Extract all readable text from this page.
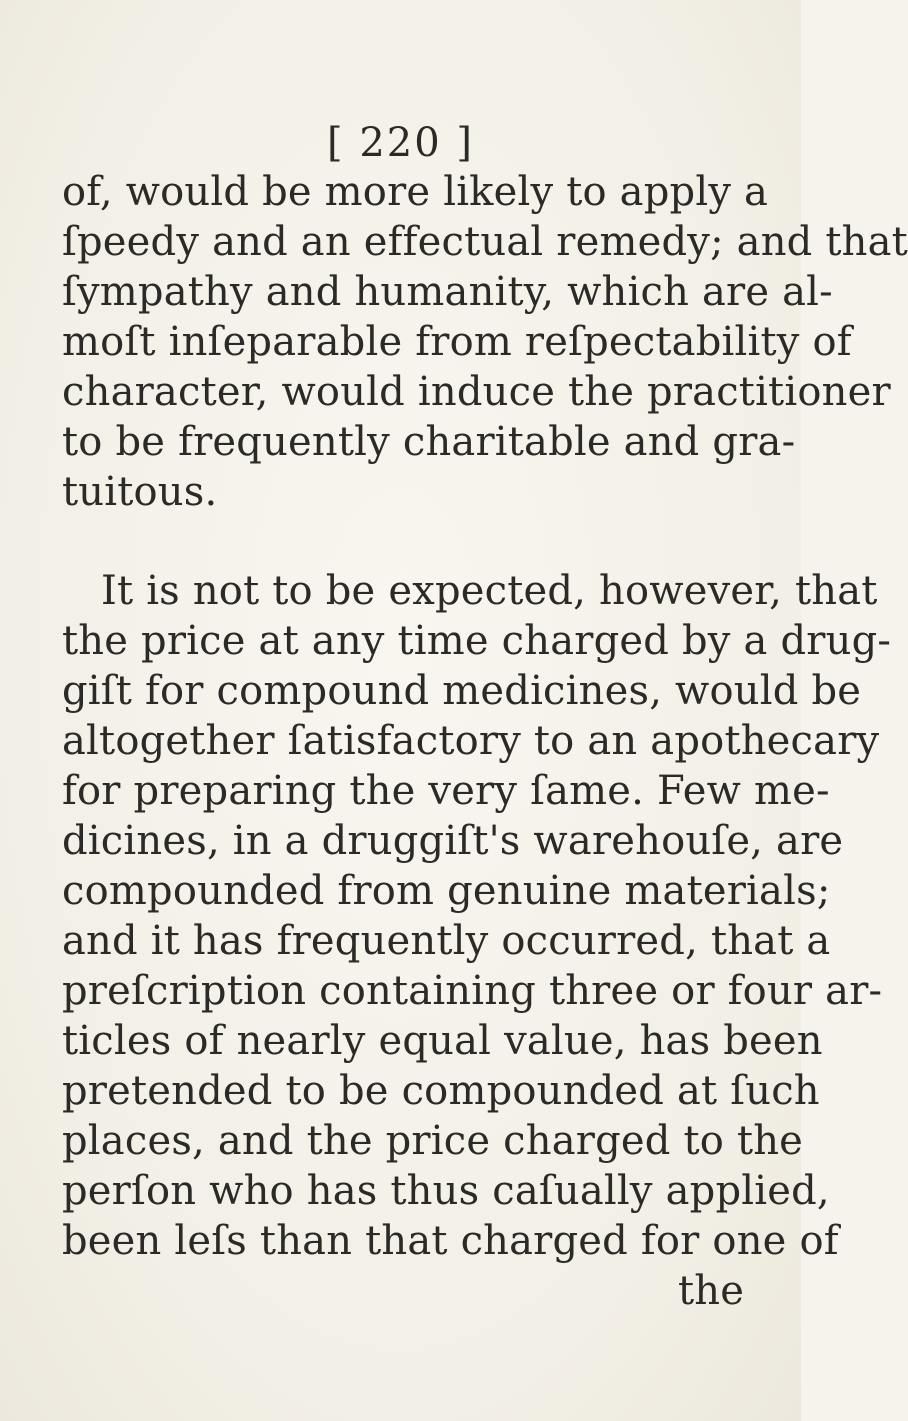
[ 220 ]
of, would be more likely to apply a
ſpeedy and an effectual remedy; and that
ſympathy and humanity, which are al-
moſt inſeparable from reſpectability of
character, would induce the practitioner
to be frequently charitable and gra-
tuitous.
It is not to be expected, however, that
the price at any time charged by a drug-
giſt for compound medicines, would be
altogether ſatisfactory to an apothecary
for preparing the very ſame. Few me-
dicines, in a druggiſt's warehouſe, are
compounded from genuine materials;
and it has frequently occurred, that a
preſcription containing three or four ar-
ticles of nearly equal value, has been
pretended to be compounded at ſuch
places, and the price charged to the
perſon who has thus caſually applied,
been leſs than that charged for one of
the
